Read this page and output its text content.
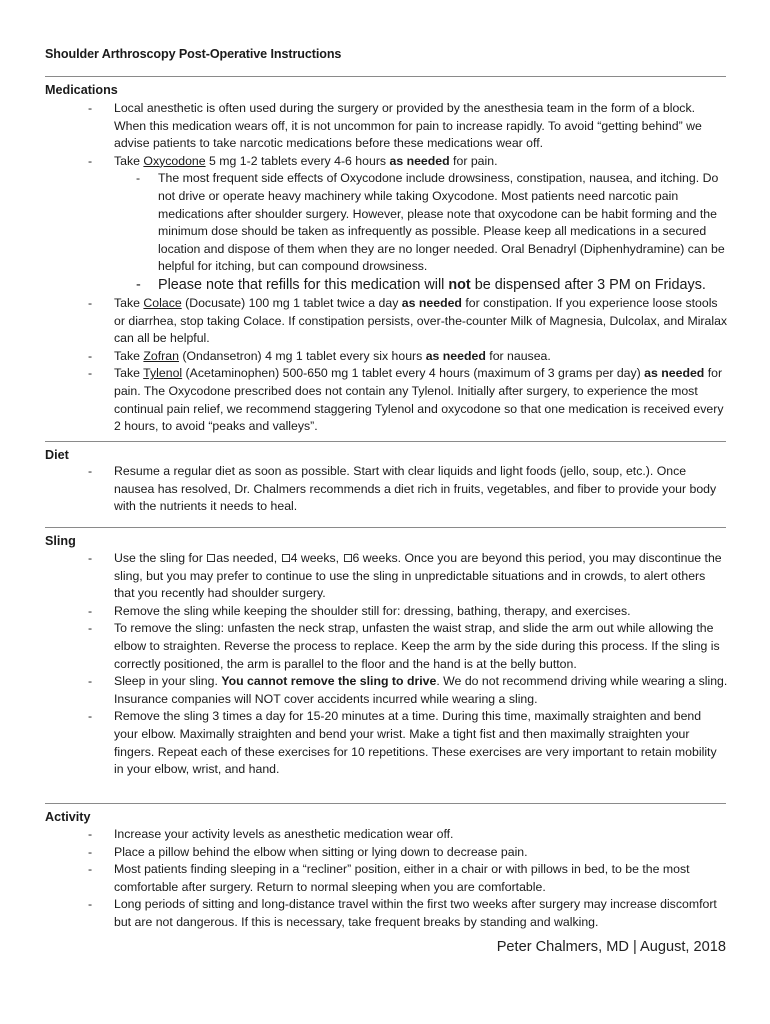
Shoulder Arthroscopy Post-Operative Instructions
Medications
- Local anesthetic is often used during the surgery or provided by the anesthesia team in the form of a block. When this medication wears off, it is not uncommon for pain to increase rapidly. To avoid “getting behind” we advise patients to take narcotic medications before these medications wear off.
- Take Oxycodone 5 mg 1-2 tablets every 4-6 hours as needed for pain.
- The most frequent side effects of Oxycodone include drowsiness, constipation, nausea, and itching. Do not drive or operate heavy machinery while taking Oxycodone. Most patients need narcotic pain medications after shoulder surgery. However, please note that oxycodone can be habit forming and the minimum dose should be taken as infrequently as possible. Please keep all medications in a secured location and dispose of them when they are no longer needed. Oral Benadryl (Diphenhydramine) can be helpful for itching, but can compound drowsiness.
- Please note that refills for this medication will not be dispensed after 3 PM on Fridays.
- Take Colace (Docusate) 100 mg 1 tablet twice a day as needed for constipation. If you experience loose stools or diarrhea, stop taking Colace. If constipation persists, over-the-counter Milk of Magnesia, Dulcolax, and Miralax can all be helpful.
- Take Zofran (Ondansetron) 4 mg 1 tablet every six hours as needed for nausea.
- Take Tylenol (Acetaminophen) 500-650 mg 1 tablet every 4 hours (maximum of 3 grams per day) as needed for pain. The Oxycodone prescribed does not contain any Tylenol. Initially after surgery, to experience the most continual pain relief, we recommend staggering Tylenol and oxycodone so that one medication is received every 2 hours, to avoid “peaks and valleys”.
Diet
- Resume a regular diet as soon as possible. Start with clear liquids and light foods (jello, soup, etc.). Once nausea has resolved, Dr. Chalmers recommends a diet rich in fruits, vegetables, and fiber to provide your body with the nutrients it needs to heal.
Sling
- Use the sling for as needed, 4 weeks, 6 weeks. Once you are beyond this period, you may discontinue the sling, but you may prefer to continue to use the sling in unpredictable situations and in crowds, to alert others that you recently had shoulder surgery.
- Remove the sling while keeping the shoulder still for: dressing, bathing, therapy, and exercises.
- To remove the sling: unfasten the neck strap, unfasten the waist strap, and slide the arm out while allowing the elbow to straighten. Reverse the process to replace. Keep the arm by the side during this process. If the sling is correctly positioned, the arm is parallel to the floor and the hand is at the belly button.
- Sleep in your sling. You cannot remove the sling to drive. We do not recommend driving while wearing a sling. Insurance companies will NOT cover accidents incurred while wearing a sling.
- Remove the sling 3 times a day for 15-20 minutes at a time. During this time, maximally straighten and bend your elbow. Maximally straighten and bend your wrist. Make a tight fist and then maximally straighten your fingers. Repeat each of these exercises for 10 repetitions. These exercises are very important to retain mobility in your elbow, wrist, and hand.
Activity
- Increase your activity levels as anesthetic medication wear off.
- Place a pillow behind the elbow when sitting or lying down to decrease pain.
- Most patients finding sleeping in a “recliner” position, either in a chair or with pillows in bed, to be the most comfortable after surgery. Return to normal sleeping when you are comfortable.
- Long periods of sitting and long-distance travel within the first two weeks after surgery may increase discomfort but are not dangerous. If this is necessary, take frequent breaks by standing and walking.
Peter Chalmers, MD | August, 2018
